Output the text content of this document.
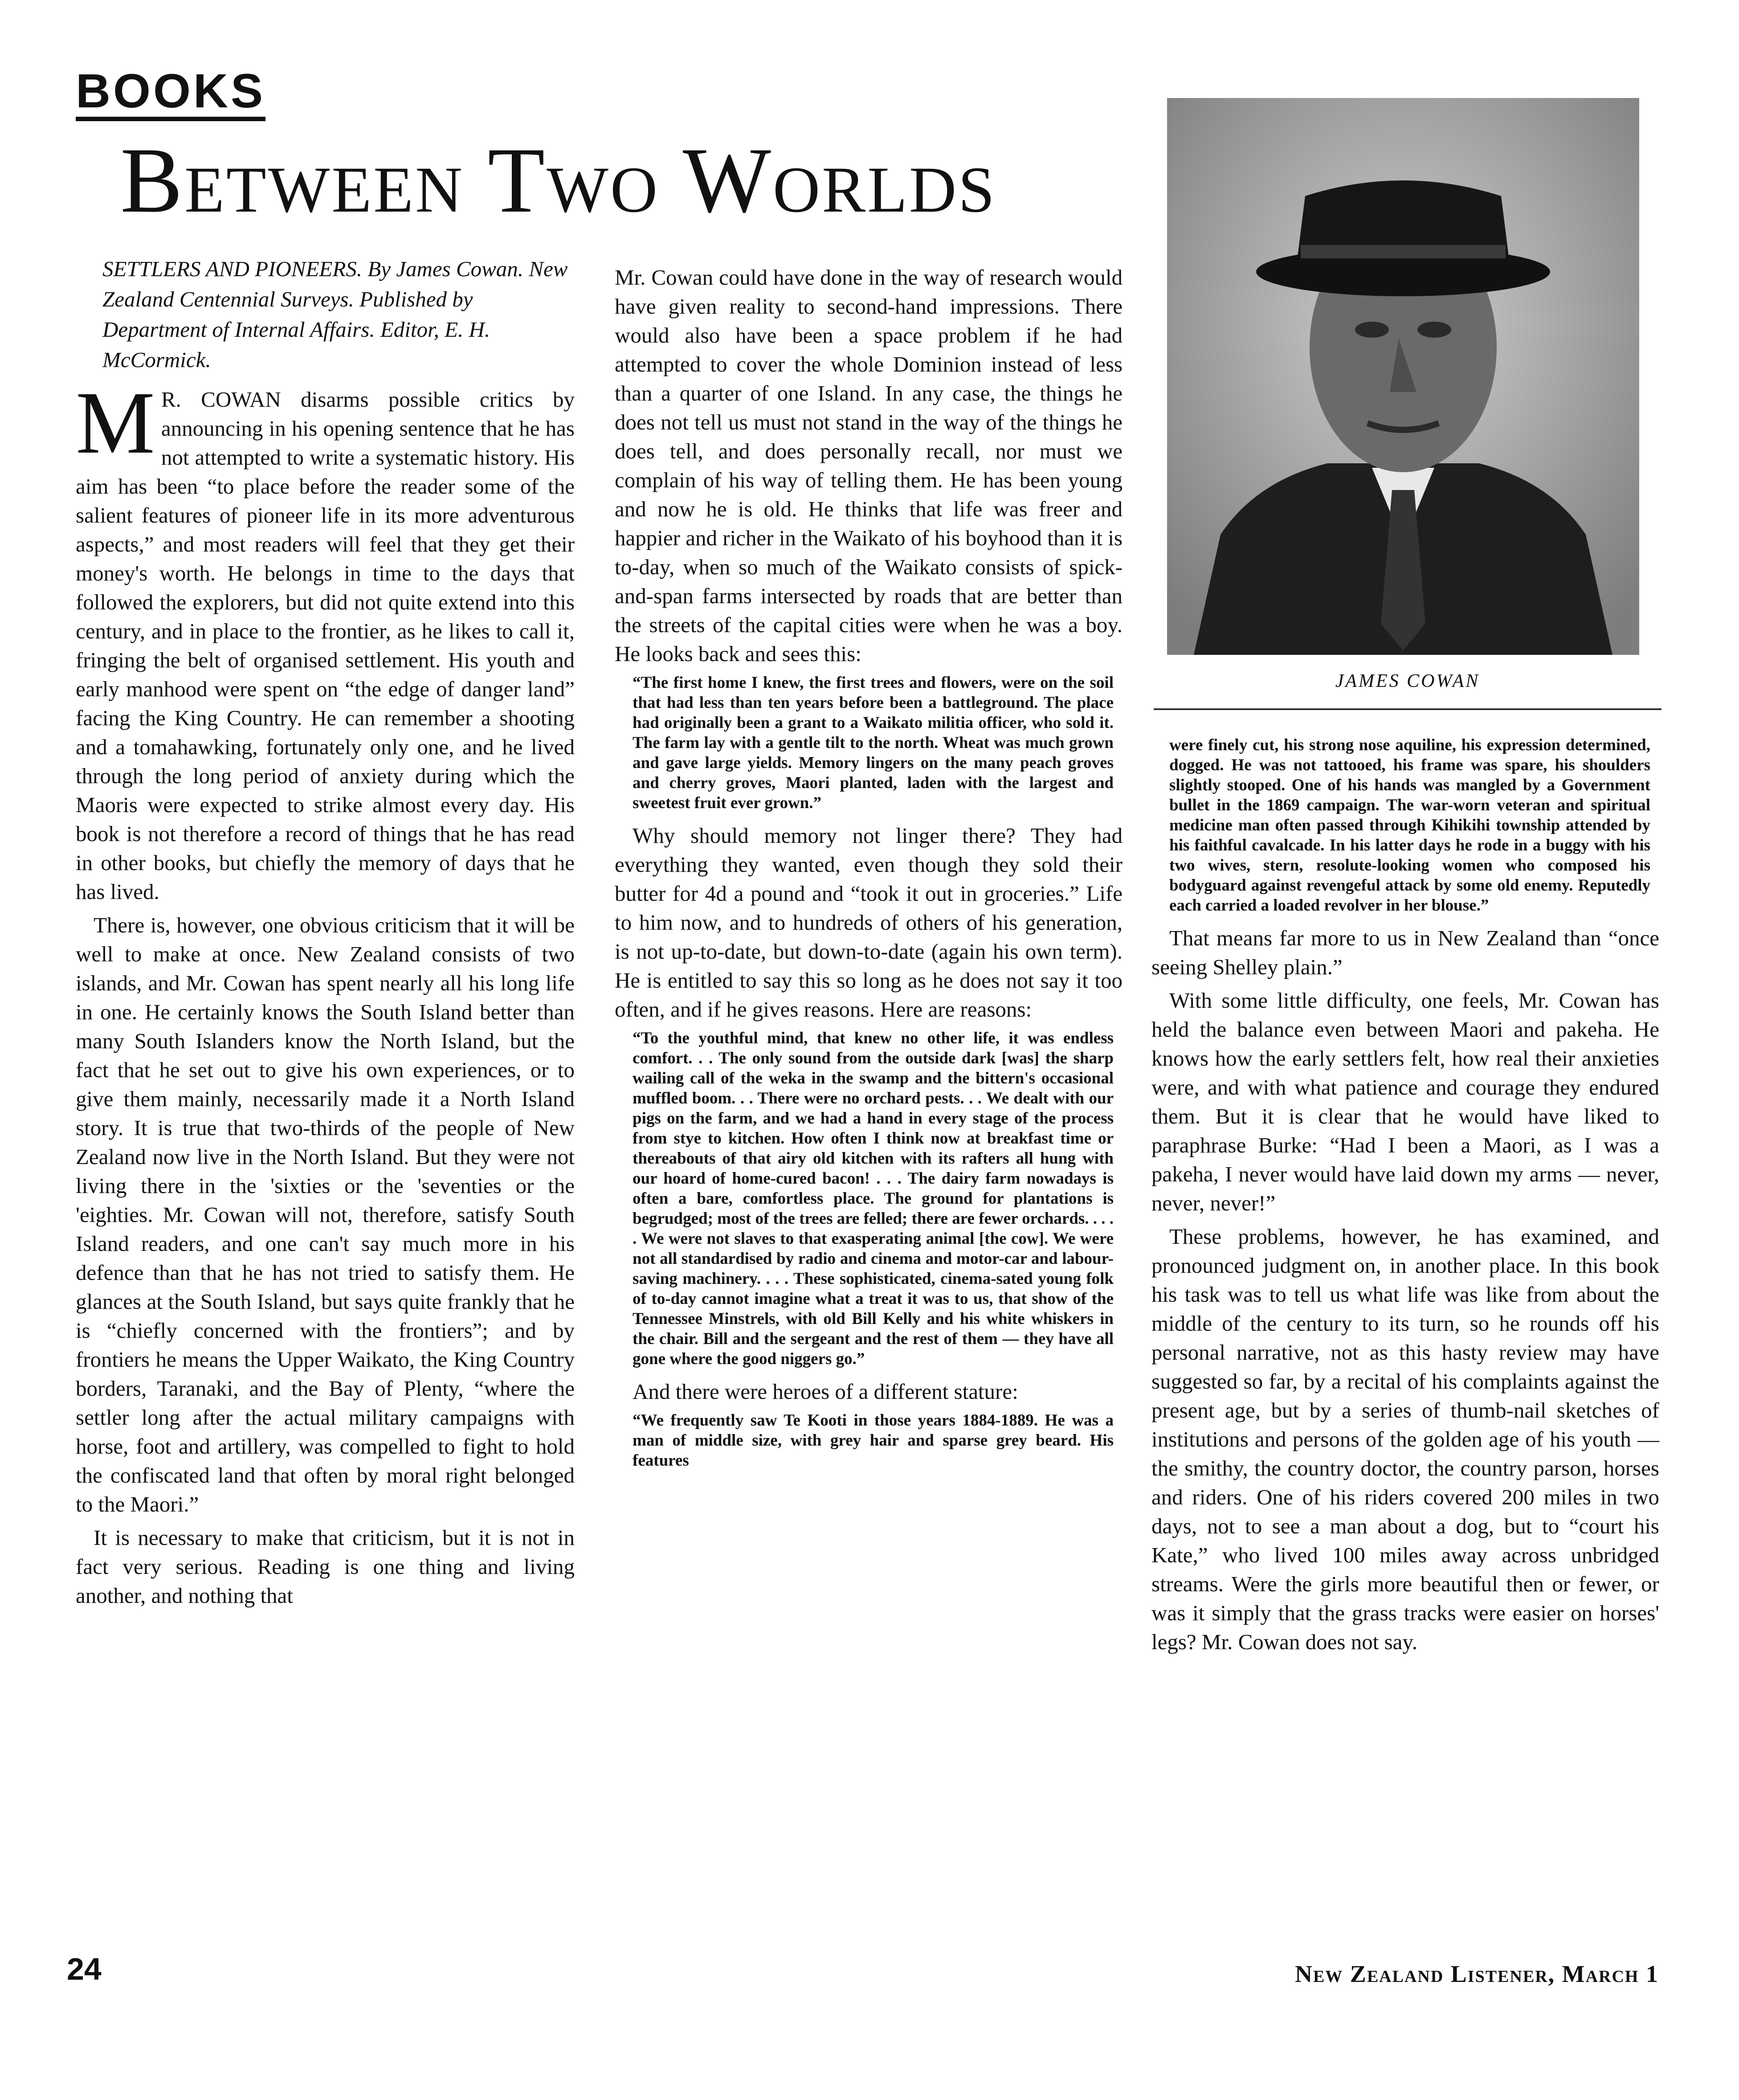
BOOKS
Between Two Worlds

SETTLERS AND PIONEERS. By James Cowan. New Zealand Centennial Surveys. Published by Department of Internal Affairs. Editor, E. H. McCormick.

M R. COWAN disarms possible critics by announcing in his opening sentence that he has not attempted to write a systematic history. His aim has been “to place before the reader some of the salient features of pioneer life in its more adventurous aspects,” and most readers will feel that they get their money's worth. He belongs in time to the days that followed the explorers, but did not quite extend into this century, and in place to the frontier, as he likes to call it, fringing the belt of organised settlement. His youth and early manhood were spent on “the edge of danger land” facing the King Country. He can remember a shooting and a tomahawking, fortunately only one, and he lived through the long period of anxiety during which the Maoris were expected to strike almost every day. His book is not therefore a record of things that he has read in other books, but chiefly the memory of days that he has lived.

There is, however, one obvious criticism that it will be well to make at once. New Zealand consists of two islands, and Mr. Cowan has spent nearly all his long life in one. He certainly knows the South Island better than many South Islanders know the North Island, but the fact that he set out to give his own experiences, or to give them mainly, necessarily made it a North Island story. It is true that two-thirds of the people of New Zealand now live in the North Island. But they were not living there in the 'sixties or the 'seventies or the 'eighties. Mr. Cowan will not, therefore, satisfy South Island readers, and one can't say much more in his defence than that he has not tried to satisfy them. He glances at the South Island, but says quite frankly that he is “chiefly concerned with the frontiers”; and by frontiers he means the Upper Waikato, the King Country borders, Taranaki, and the Bay of Plenty, “where the settler long after the actual military campaigns with horse, foot and artillery, was compelled to fight to hold the confiscated land that often by moral right belonged to the Maori.”

It is necessary to make that criticism, but it is not in fact very serious. Reading is one thing and living another, and nothing that

Mr. Cowan could have done in the way of research would have given reality to second-hand impressions. There would also have been a space problem if he had attempted to cover the whole Dominion instead of less than a quarter of one Island. In any case, the things he does not tell us must not stand in the way of the things he does tell, and does personally recall, nor must we complain of his way of telling them. He has been young and now he is old. He thinks that life was freer and happier and richer in the Waikato of his boyhood than it is to-day, when so much of the Waikato consists of spick-and-span farms intersected by roads that are better than the streets of the capital cities were when he was a boy. He looks back and sees this:

“The first home I knew, the first trees and flowers, were on the soil that had less than ten years before been a battleground. The place had originally been a grant to a Waikato militia officer, who sold it. The farm lay with a gentle tilt to the north. Wheat was much grown and gave large yields. Memory lingers on the many peach groves and cherry groves, Maori planted, laden with the largest and sweetest fruit ever grown.”

Why should memory not linger there? They had everything they wanted, even though they sold their butter for 4d a pound and “took it out in groceries.” Life to him now, and to hundreds of others of his generation, is not up-to-date, but down-to-date (again his own term). He is entitled to say this so long as he does not say it too often, and if he gives reasons. Here are reasons:

“To the youthful mind, that knew no other life, it was endless comfort. . . The only sound from the outside dark [was] the sharp wailing call of the weka in the swamp and the bittern's occasional muffled boom. . . There were no orchard pests. . . We dealt with our pigs on the farm, and we had a hand in every stage of the process from stye to kitchen. How often I think now at breakfast time or thereabouts of that airy old kitchen with its rafters all hung with our hoard of home-cured bacon! . . . The dairy farm nowadays is often a bare, comfortless place. The ground for plantations is begrudged; most of the trees are felled; there are fewer orchards. . . . . We were not slaves to that exasperating animal [the cow]. We were not all standardised by radio and cinema and motor-car and labour-saving machinery. . . . These sophisticated, cinema-sated young folk of to-day cannot imagine what a treat it was to us, that show of the Tennessee Minstrels, with old Bill Kelly and his white whiskers in the chair. Bill and the sergeant and the rest of them — they have all gone where the good niggers go.”

And there were heroes of a different stature:

“We frequently saw Te Kooti in those years 1884-1889. He was a man of middle size, with grey hair and sparse grey beard. His features

JAMES COWAN

were finely cut, his strong nose aquiline, his expression determined, dogged. He was not tattooed, his frame was spare, his shoulders slightly stooped. One of his hands was mangled by a Government bullet in the 1869 campaign. The war-worn veteran and spiritual medicine man often passed through Kihikihi township attended by his faithful cavalcade. In his latter days he rode in a buggy with his two wives, stern, resolute-looking women who composed his bodyguard against revengeful attack by some old enemy. Reputedly each carried a loaded revolver in her blouse.”

That means far more to us in New Zealand than “once seeing Shelley plain.”

With some little difficulty, one feels, Mr. Cowan has held the balance even between Maori and pakeha. He knows how the early settlers felt, how real their anxieties were, and with what patience and courage they endured them. But it is clear that he would have liked to paraphrase Burke: “Had I been a Maori, as I was a pakeha, I never would have laid down my arms — never, never, never!”

These problems, however, he has examined, and pronounced judgment on, in another place. In this book his task was to tell us what life was like from about the middle of the century to its turn, so he rounds off his personal narrative, not as this hasty review may have suggested so far, by a recital of his complaints against the present age, but by a series of thumb-nail sketches of institutions and persons of the golden age of his youth — the smithy, the country doctor, the country parson, horses and riders. One of his riders covered 200 miles in two days, not to see a man about a dog, but to “court his Kate,” who lived 100 miles away across unbridged streams. Were the girls more beautiful then or fewer, or was it simply that the grass tracks were easier on horses' legs? Mr. Cowan does not say.

24	New Zealand Listener, March 1
